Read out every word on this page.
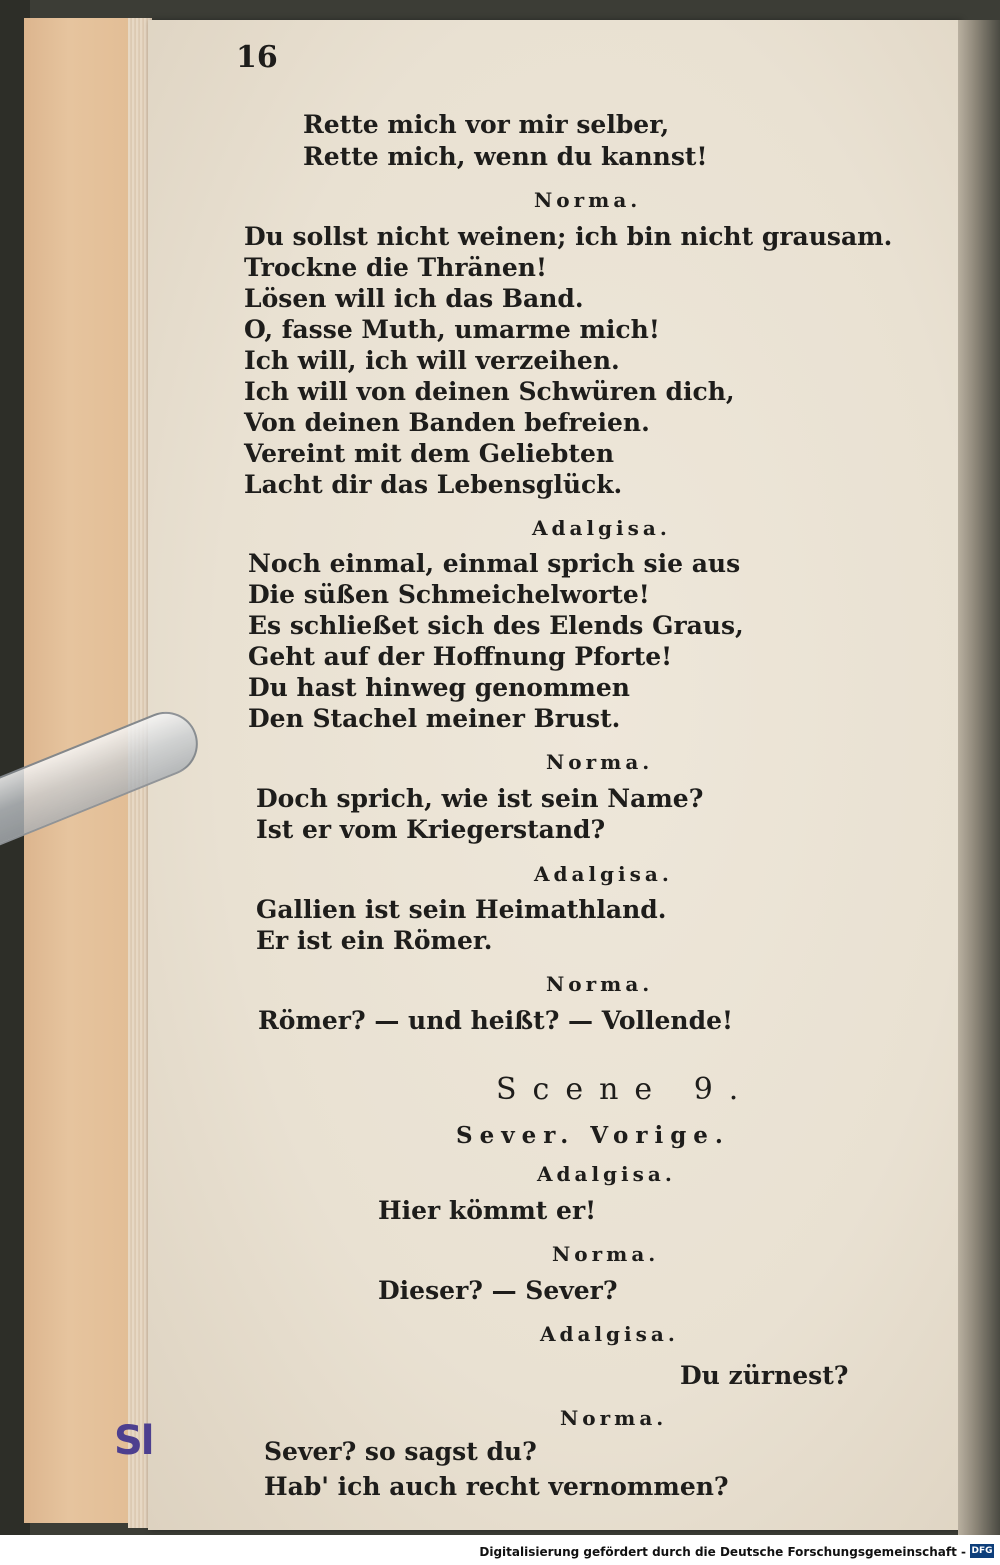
Sl
16
Rette mich vor mir selber,
Rette mich, wenn du kannst!
Norma.
Du sollst nicht weinen; ich bin nicht grausam.
Trockne die Thränen!
Lösen will ich das Band.
O, fasse Muth, umarme mich!
Ich will, ich will verzeihen.
Ich will von deinen Schwüren dich,
Von deinen Banden befreien.
Vereint mit dem Geliebten
Lacht dir das Lebensglück.
Adalgisa.
Noch einmal, einmal sprich sie aus
Die süßen Schmeichelworte!
Es schließet sich des Elends Graus,
Geht auf der Hoffnung Pforte!
Du hast hinweg genommen
Den Stachel meiner Brust.
Norma.
Doch sprich, wie ist sein Name?
Ist er vom Kriegerstand?
Adalgisa.
Gallien ist sein Heimathland.
Er ist ein Römer.
Norma.
Römer? — und heißt? — Vollende!
Scene 9.
Sever. Vorige.
Adalgisa.
Hier kömmt er!
Norma.
Dieser? — Sever?
Adalgisa.
Du zürnest?
Norma.
Sever? so sagst du?
Hab' ich auch recht vernommen?
Digitalisierung gefördert durch die Deutsche Forschungsgemeinschaft - DFG
